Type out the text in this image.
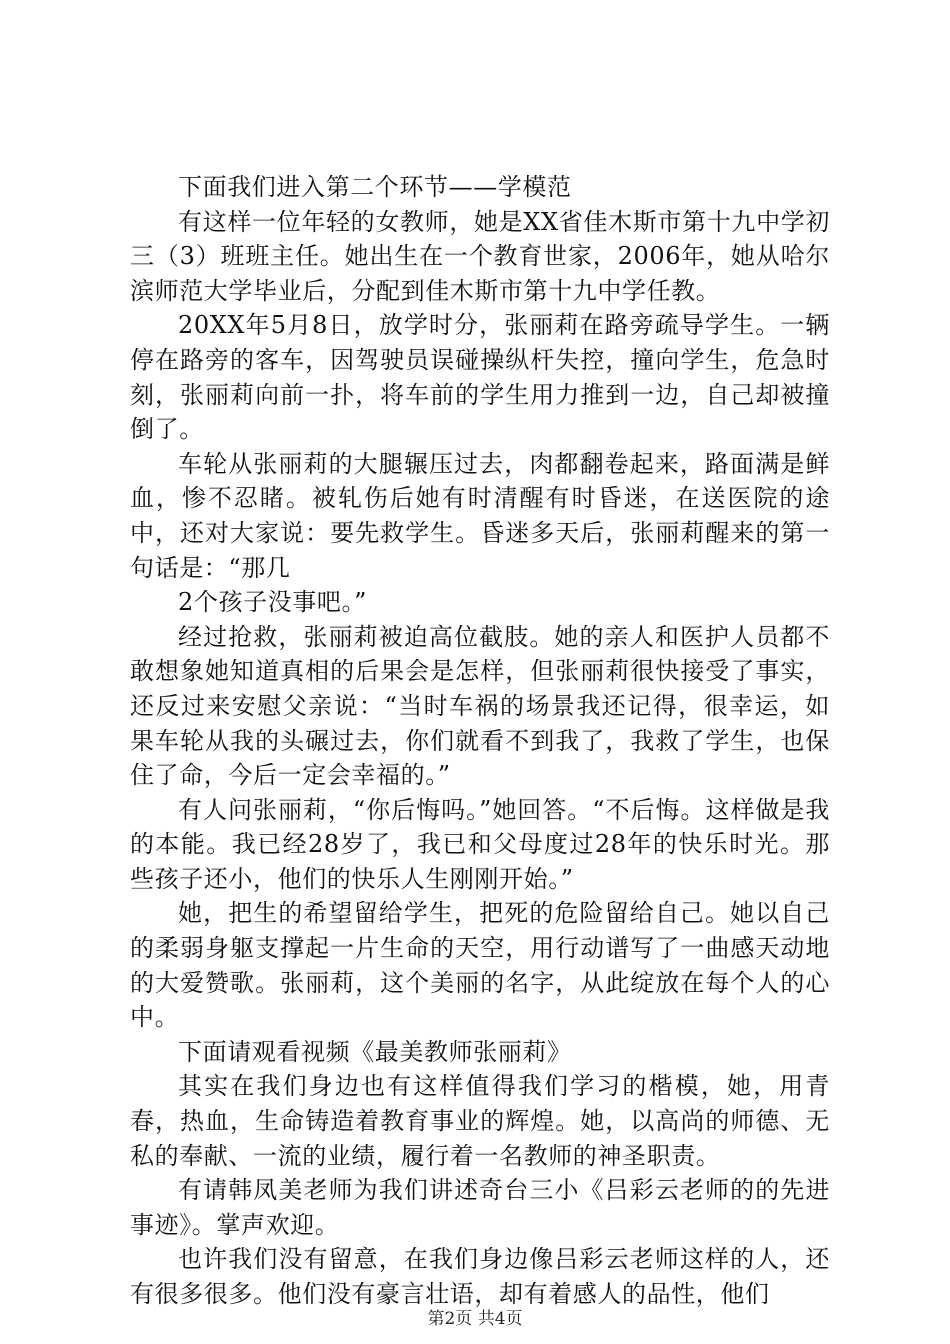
下面我们进入第二个环节——学模范

有这样一位年轻的女教师，她是XX省佳木斯市第十九中学初三（3）班班主任。她出生在一个教育世家，2006年，她从哈尔滨师范大学毕业后，分配到佳木斯市第十九中学任教。

20XX年5月8日，放学时分，张丽莉在路旁疏导学生。一辆停在路旁的客车，因驾驶员误碰操纵杆失控，撞向学生，危急时刻，张丽莉向前一扑，将车前的学生用力推到一边，自己却被撞倒了。

车轮从张丽莉的大腿辗压过去，肉都翻卷起来，路面满是鲜血，惨不忍睹。被轧伤后她有时清醒有时昏迷，在送医院的途中，还对大家说：要先救学生。昏迷多天后，张丽莉醒来的第一句话是：“那几

2个孩子没事吧。”

经过抢救，张丽莉被迫高位截肢。她的亲人和医护人员都不敢想象她知道真相的后果会是怎样，但张丽莉很快接受了事实，还反过来安慰父亲说：“当时车祸的场景我还记得，很幸运，如果车轮从我的头碾过去，你们就看不到我了，我救了学生，也保住了命，今后一定会幸福的。”

有人问张丽莉，“你后悔吗。”她回答。“不后悔。这样做是我的本能。我已经28岁了，我已和父母度过28年的快乐时光。那些孩子还小，他们的快乐人生刚刚开始。”

她，把生的希望留给学生，把死的危险留给自己。她以自己的柔弱身躯支撑起一片生命的天空，用行动谱写了一曲感天动地的大爱赞歌。张丽莉，这个美丽的名字，从此绽放在每个人的心中。

下面请观看视频《最美教师张丽莉》

其实在我们身边也有这样值得我们学习的楷模，她，用青春，热血，生命铸造着教育事业的辉煌。她，以高尚的师德、无私的奉献、一流的业绩，履行着一名教师的神圣职责。

有请韩凤美老师为我们讲述奇台三小《吕彩云老师的的先进事迹》。掌声欢迎。

也许我们没有留意，在我们身边像吕彩云老师这样的人，还有很多很多。他们没有豪言壮语，却有着感人的品性，他们

第2页 共4页
